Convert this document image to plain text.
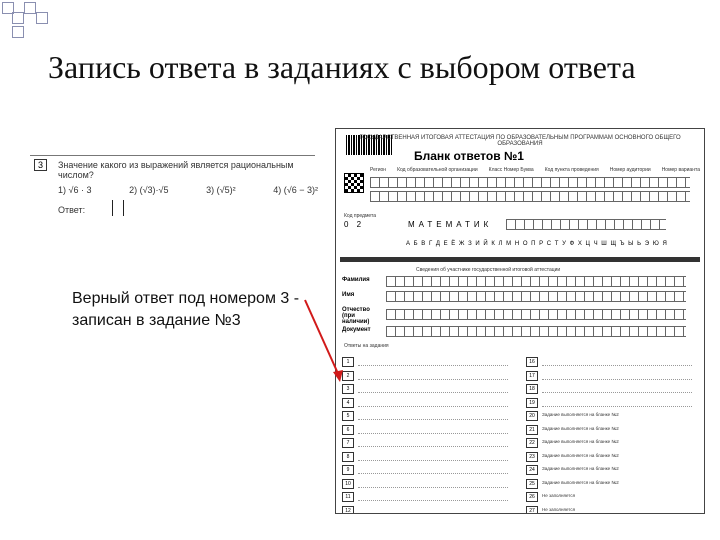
Запись ответа в заданиях с выбором ответа
3	Значение какого из выражений является рациональным числом?
1) √6 · 3	2) (√3)·√5	3) (√5)²	4) (√6 − 3)²
Ответ:
Верный ответ под номером 3 - записан в задание №3
ГОСУДАРСТВЕННАЯ ИТОГОВАЯ АТТЕСТАЦИЯ ПО ОБРАЗОВАТЕЛЬНЫМ ПРОГРАММАМ ОСНОВНОГО ОБЩЕГО ОБРАЗОВАНИЯ
Бланк ответов №1
Регион Код образовательной организации Класс Номер Буква Код пункта проведения Номер аудитории Номер варианта
Код предмета
0 2	МАТЕМАТИК
А Б В Г Д Е Ё Ж З И Й К Л М Н О П Р С Т У Ф Х Ц Ч Ш Щ Ъ Ы Ь Э Ю Я
Сведения об участнике государственной итоговой аттестации
Фамилия
Имя
Отчество (при наличии)
Документ
Ответы на задания
1	16
2	17
3	18
4	19
5	20	Задание выполняется на бланке №2
6	21	Задание выполняется на бланке №2
7	22	Задание выполняется на бланке №2
8	23	Задание выполняется на бланке №2
9	24	Задание выполняется на бланке №2
10	25	Задание выполняется на бланке №2
11	26	Не заполняется
12	27	Не заполняется
